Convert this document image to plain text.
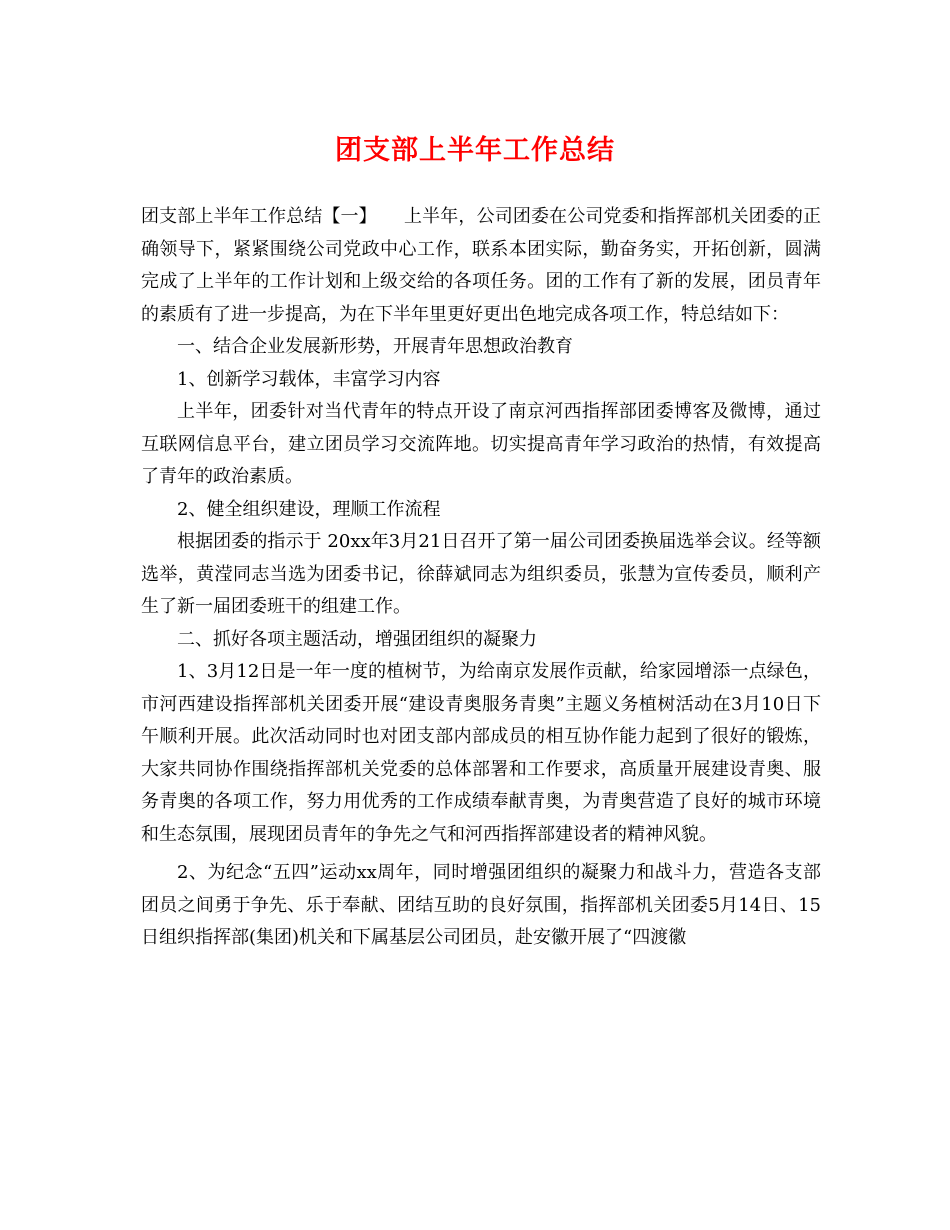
团支部上半年工作总结

团支部上半年工作总结【一】　　上半年，公司团委在公司党委和指挥部机关团委的正确领导下，紧紧围绕公司党政中心工作，联系本团实际，勤奋务实，开拓创新，圆满完成了上半年的工作计划和上级交给的各项任务。团的工作有了新的发展，团员青年的素质有了进一步提高，为在下半年里更好更出色地完成各项工作，特总结如下：

一、结合企业发展新形势，开展青年思想政治教育

1、创新学习载体，丰富学习内容

上半年，团委针对当代青年的特点开设了南京河西指挥部团委博客及微博，通过互联网信息平台，建立团员学习交流阵地。切实提高青年学习政治的热情，有效提高了青年的政治素质。

2、健全组织建设，理顺工作流程

根据团委的指示于 20xx年3月21日召开了第一届公司团委换届选举会议。经等额选举，黄滢同志当选为团委书记，徐薛斌同志为组织委员，张慧为宣传委员，顺利产生了新一届团委班干的组建工作。

二、抓好各项主题活动，增强团组织的凝聚力

1、3月12日是一年一度的植树节，为给南京发展作贡献，给家园增添一点绿色，市河西建设指挥部机关团委开展“建设青奥服务青奥”主题义务植树活动在3月10日下午顺利开展。此次活动同时也对团支部内部成员的相互协作能力起到了很好的锻炼，大家共同协作围绕指挥部机关党委的总体部署和工作要求，高质量开展建设青奥、服务青奥的各项工作，努力用优秀的工作成绩奉献青奥，为青奥营造了良好的城市环境和生态氛围，展现团员青年的争先之气和河西指挥部建设者的精神风貌。

2、为纪念“五四”运动xx周年，同时增强团组织的凝聚力和战斗力，营造各支部团员之间勇于争先、乐于奉献、团结互助的良好氛围，指挥部机关团委5月14日、15日组织指挥部(集团)机关和下属基层公司团员，赴安徽开展了“四渡徽
